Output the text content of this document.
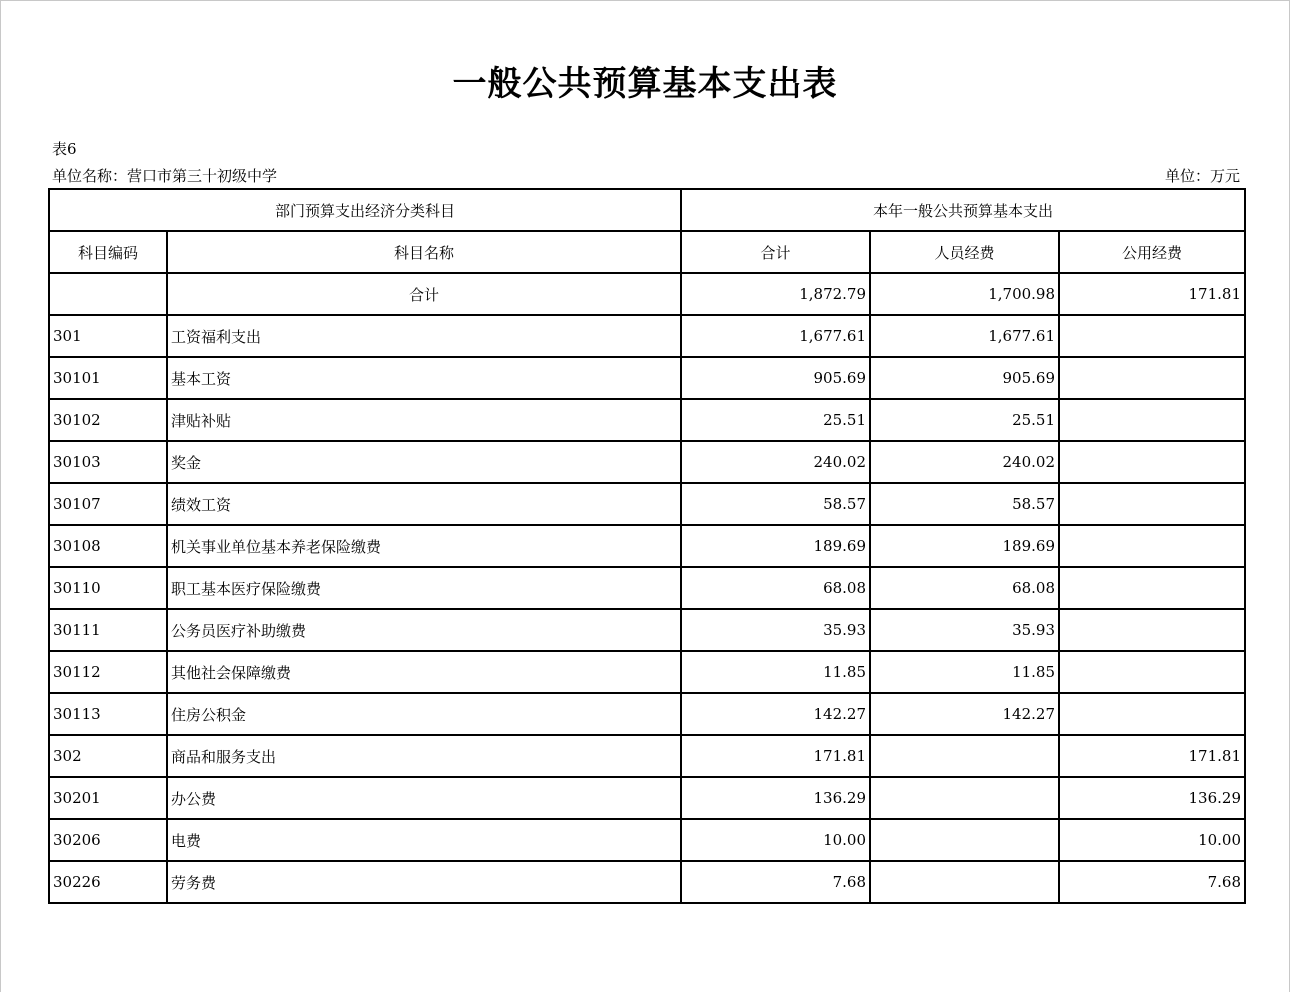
一般公共预算基本支出表
表6
单位名称：营口市第三十初级中学	单位：万元
部门预算支出经济分类科目		本年一般公共预算基本支出		
科目编码	科目名称	合计	人员经费	公用经费
	合计	1,872.79	1,700.98	171.81
301	工资福利支出	1,677.61	1,677.61	
30101	基本工资	905.69	905.69	
30102	津贴补贴	25.51	25.51	
30103	奖金	240.02	240.02	
30107	绩效工资	58.57	58.57	
30108	机关事业单位基本养老保险缴费	189.69	189.69	
30110	职工基本医疗保险缴费	68.08	68.08	
30111	公务员医疗补助缴费	35.93	35.93	
30112	其他社会保障缴费	11.85	11.85	
30113	住房公积金	142.27	142.27	
302	商品和服务支出	171.81		171.81
30201	办公费	136.29		136.29
30206	电费	10.00		10.00
30226	劳务费	7.68		7.68
